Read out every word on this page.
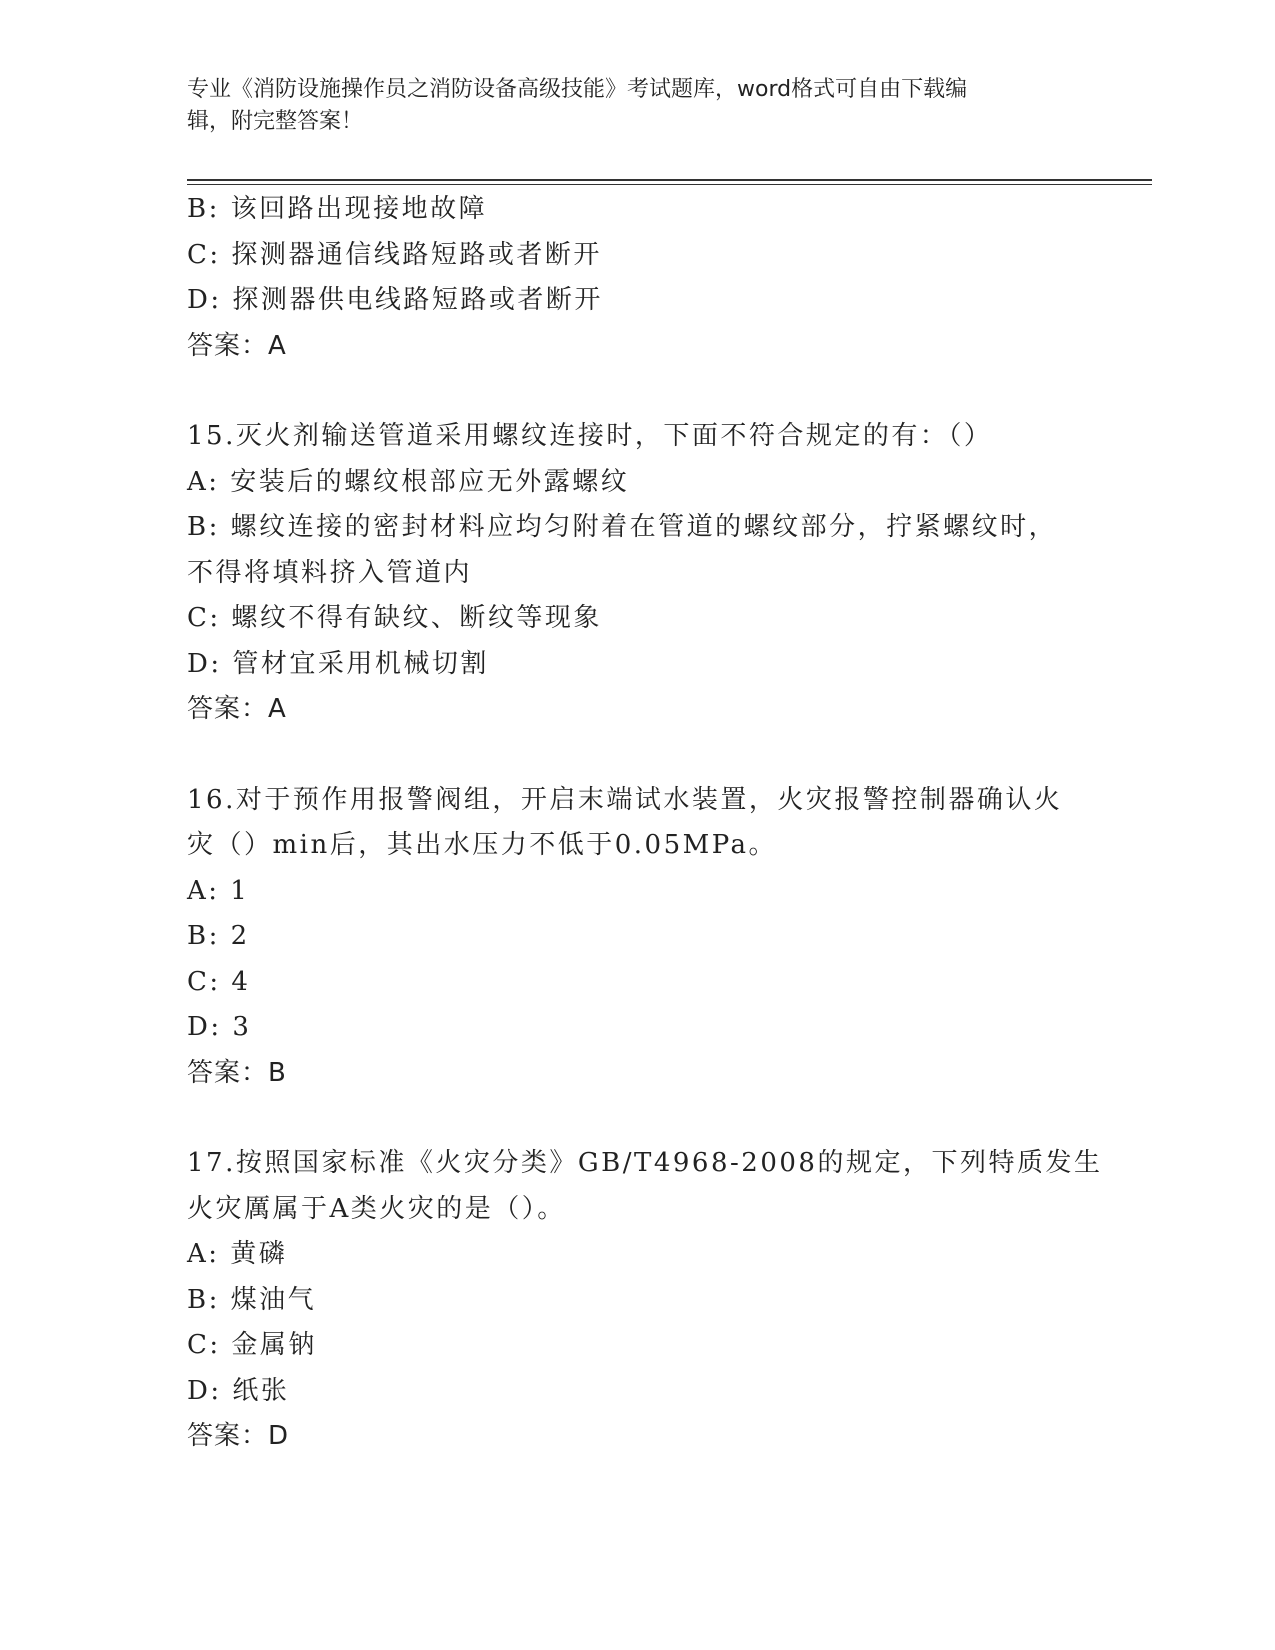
专业《消防设施操作员之消防设备高级技能》考试题库，word格式可自由下载编
辑，附完整答案！
B: 该回路出现接地故障
C: 探测器通信线路短路或者断开
D: 探测器供电线路短路或者断开
答案：A
15.灭火剂输送管道采用螺纹连接时，下面不符合规定的有：（）
A: 安装后的螺纹根部应无外露螺纹
B: 螺纹连接的密封材料应均匀附着在管道的螺纹部分，拧紧螺纹时，
不得将填料挤入管道内
C: 螺纹不得有缺纹、断纹等现象
D: 管材宜采用机械切割
答案：A
16.对于预作用报警阀组，开启末端试水装置，火灾报警控制器确认火
灾（）min后，其出水压力不低于0.05MPa。
A: 1
B: 2
C: 4
D: 3
答案：B
17.按照国家标准《火灾分类》GB/T4968-2008的规定，下列特质发生
火灾厲属于A类火灾的是（）。
A: 黄磷
B: 煤油气
C: 金属钠
D: 纸张
答案：D
